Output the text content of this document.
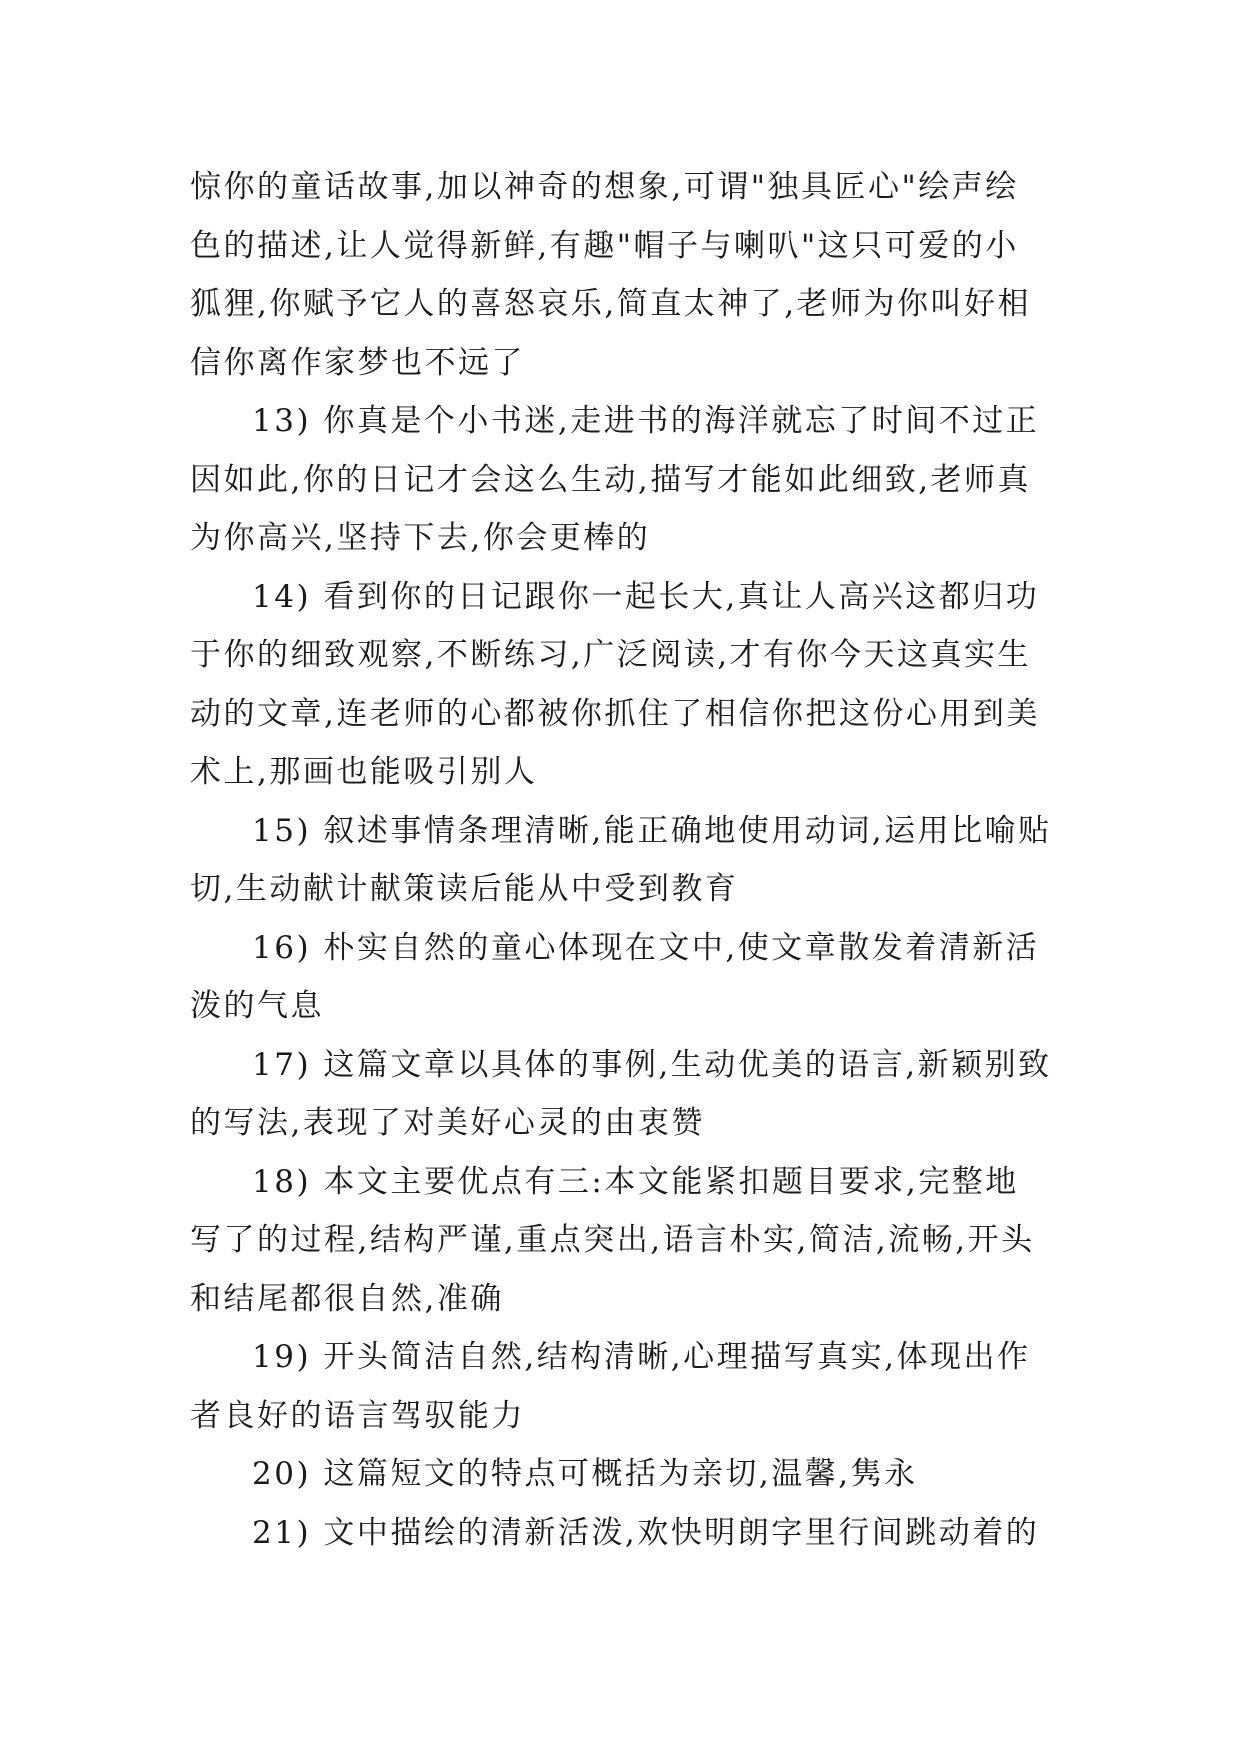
惊你的童话故事,加以神奇的想象,可谓"独具匠心"绘声绘色的描述,让人觉得新鲜,有趣"帽子与喇叭"这只可爱的小狐狸,你赋予它人的喜怒哀乐,简直太神了,老师为你叫好相信你离作家梦也不远了

13) 你真是个小书迷,走进书的海洋就忘了时间不过正因如此,你的日记才会这么生动,描写才能如此细致,老师真为你高兴,坚持下去,你会更棒的

14) 看到你的日记跟你一起长大,真让人高兴这都归功于你的细致观察,不断练习,广泛阅读,才有你今天这真实生动的文章,连老师的心都被你抓住了相信你把这份心用到美术上,那画也能吸引别人

15) 叙述事情条理清晰,能正确地使用动词,运用比喻贴切,生动献计献策读后能从中受到教育

16) 朴实自然的童心体现在文中,使文章散发着清新活泼的气息

17) 这篇文章以具体的事例,生动优美的语言,新颖别致的写法,表现了对美好心灵的由衷赞

18) 本文主要优点有三:本文能紧扣题目要求,完整地写了的过程,结构严谨,重点突出,语言朴实,简洁,流畅,开头和结尾都很自然,准确

19) 开头简洁自然,结构清晰,心理描写真实,体现出作者良好的语言驾驭能力

20) 这篇短文的特点可概括为亲切,温馨,隽永

21) 文中描绘的清新活泼,欢快明朗字里行间跳动着的
